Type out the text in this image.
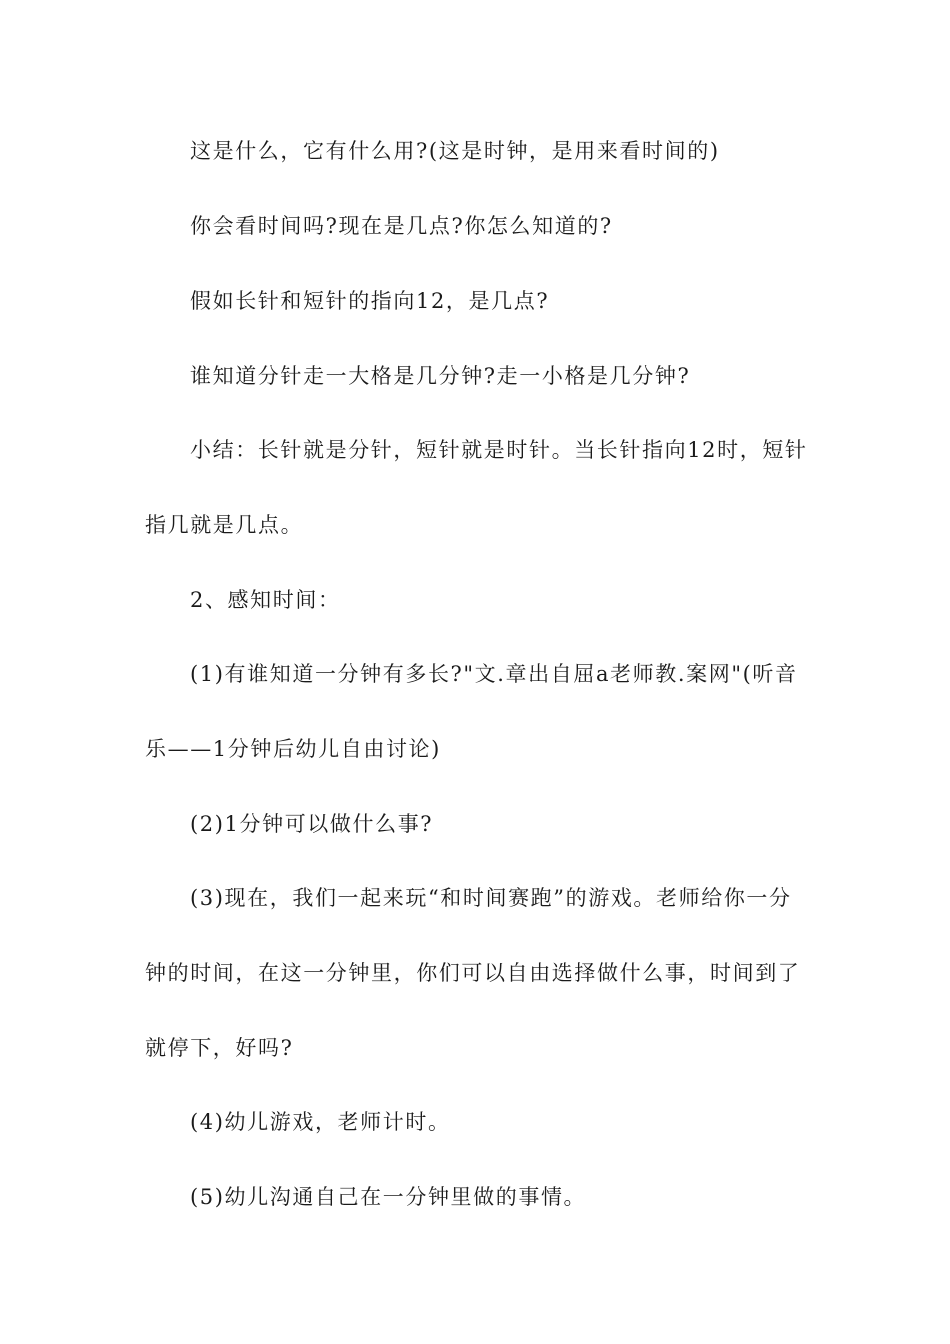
这是什么，它有什么用?(这是时钟，是用来看时间的)
你会看时间吗?现在是几点?你怎么知道的?
假如长针和短针的指向12，是几点?
谁知道分针走一大格是几分钟?走一小格是几分钟?
小结：长针就是分针，短针就是时针。当长针指向12时，短针
指几就是几点。
2、感知时间：
(1)有谁知道一分钟有多长?"文.章出自屈a老师教.案网"(听音
乐——1分钟后幼儿自由讨论)
(2)1分钟可以做什么事?
(3)现在，我们一起来玩“和时间赛跑”的游戏。老师给你一分
钟的时间，在这一分钟里，你们可以自由选择做什么事，时间到了
就停下，好吗?
(4)幼儿游戏，老师计时。
(5)幼儿沟通自己在一分钟里做的事情。
